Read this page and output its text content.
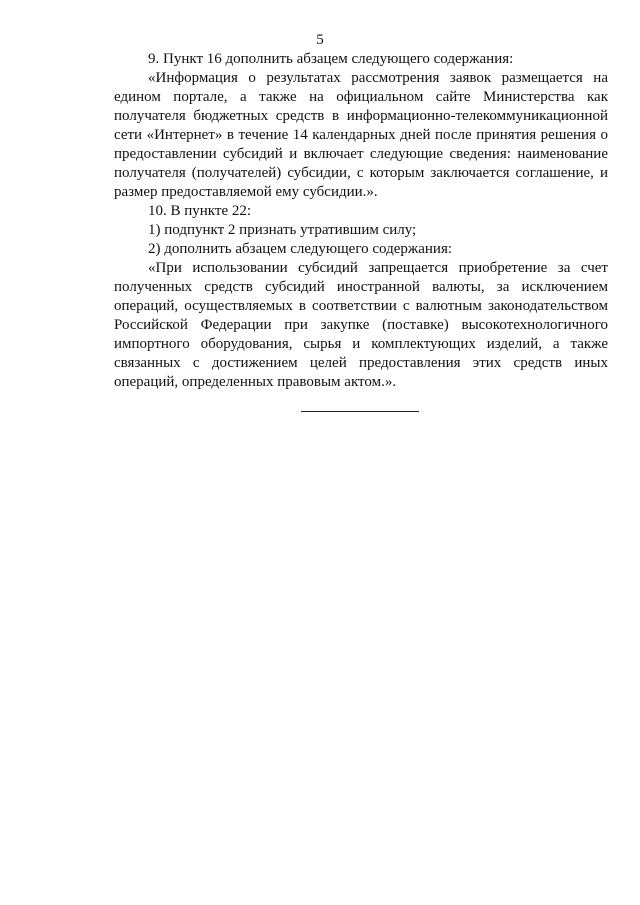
5

9. Пункт 16 дополнить абзацем следующего содержания:

«Информация о результатах рассмотрения заявок размещается на едином портале, а также на официальном сайте Министерства как получателя бюджетных средств в информационно-телекоммуникационной сети «Интернет» в течение 14 календарных дней после принятия решения о предоставлении субсидий и включает следующие сведения: наименование получателя (получателей) субсидии, с которым заключается соглашение, и размер предоставляемой ему субсидии.».

10. В пункте 22:

1) подпункт 2 признать утратившим силу;

2) дополнить абзацем следующего содержания:

«При использовании субсидий запрещается приобретение за счет полученных средств субсидий иностранной валюты, за исключением операций, осуществляемых в соответствии с валютным законодательством Российской Федерации при закупке (поставке) высокотехнологичного импортного оборудования, сырья и комплектующих изделий, а также связанных с достижением целей предоставления этих средств иных операций, определенных правовым актом.».
